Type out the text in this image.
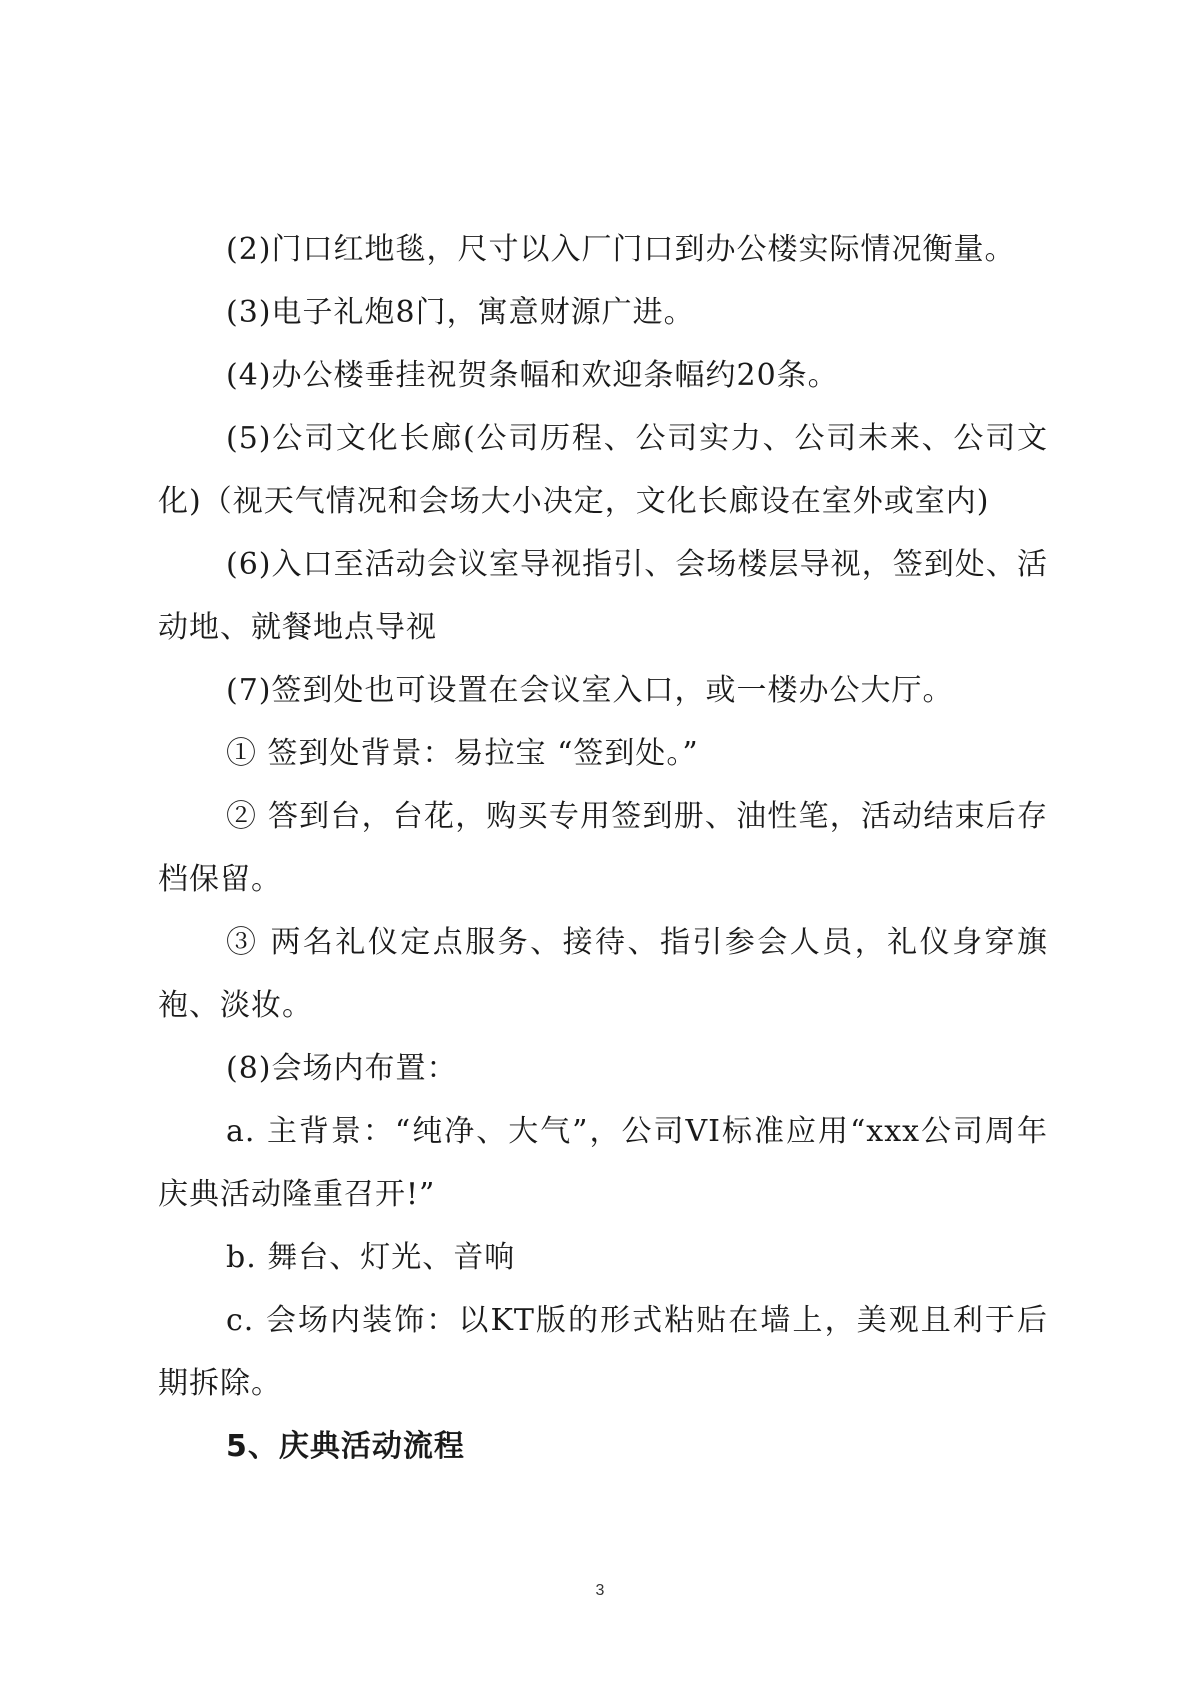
(2)门口红地毯，尺寸以入厂门口到办公楼实际情况衡量。

(3)电子礼炮8门，寓意财源广进。

(4)办公楼垂挂祝贺条幅和欢迎条幅约20条。

(5)公司文化长廊(公司历程、公司实力、公司未来、公司文化)（视天气情况和会场大小决定，文化长廊设在室外或室内)

(6)入口至活动会议室导视指引、会场楼层导视，签到处、活动地、就餐地点导视

(7)签到处也可设置在会议室入口，或一楼办公大厅。

① 签到处背景：易拉宝 “签到处。”

② 答到台，台花，购买专用签到册、油性笔，活动结束后存档保留。

③ 两名礼仪定点服务、接待、指引参会人员，礼仪身穿旗袍、淡妆。

(8)会场内布置：

a. 主背景：“纯净、大气”，公司VI标准应用“xxx公司周年庆典活动隆重召开!”

b. 舞台、灯光、音响

c. 会场内装饰：以KT版的形式粘贴在墙上，美观且利于后期拆除。

5、庆典活动流程

3
